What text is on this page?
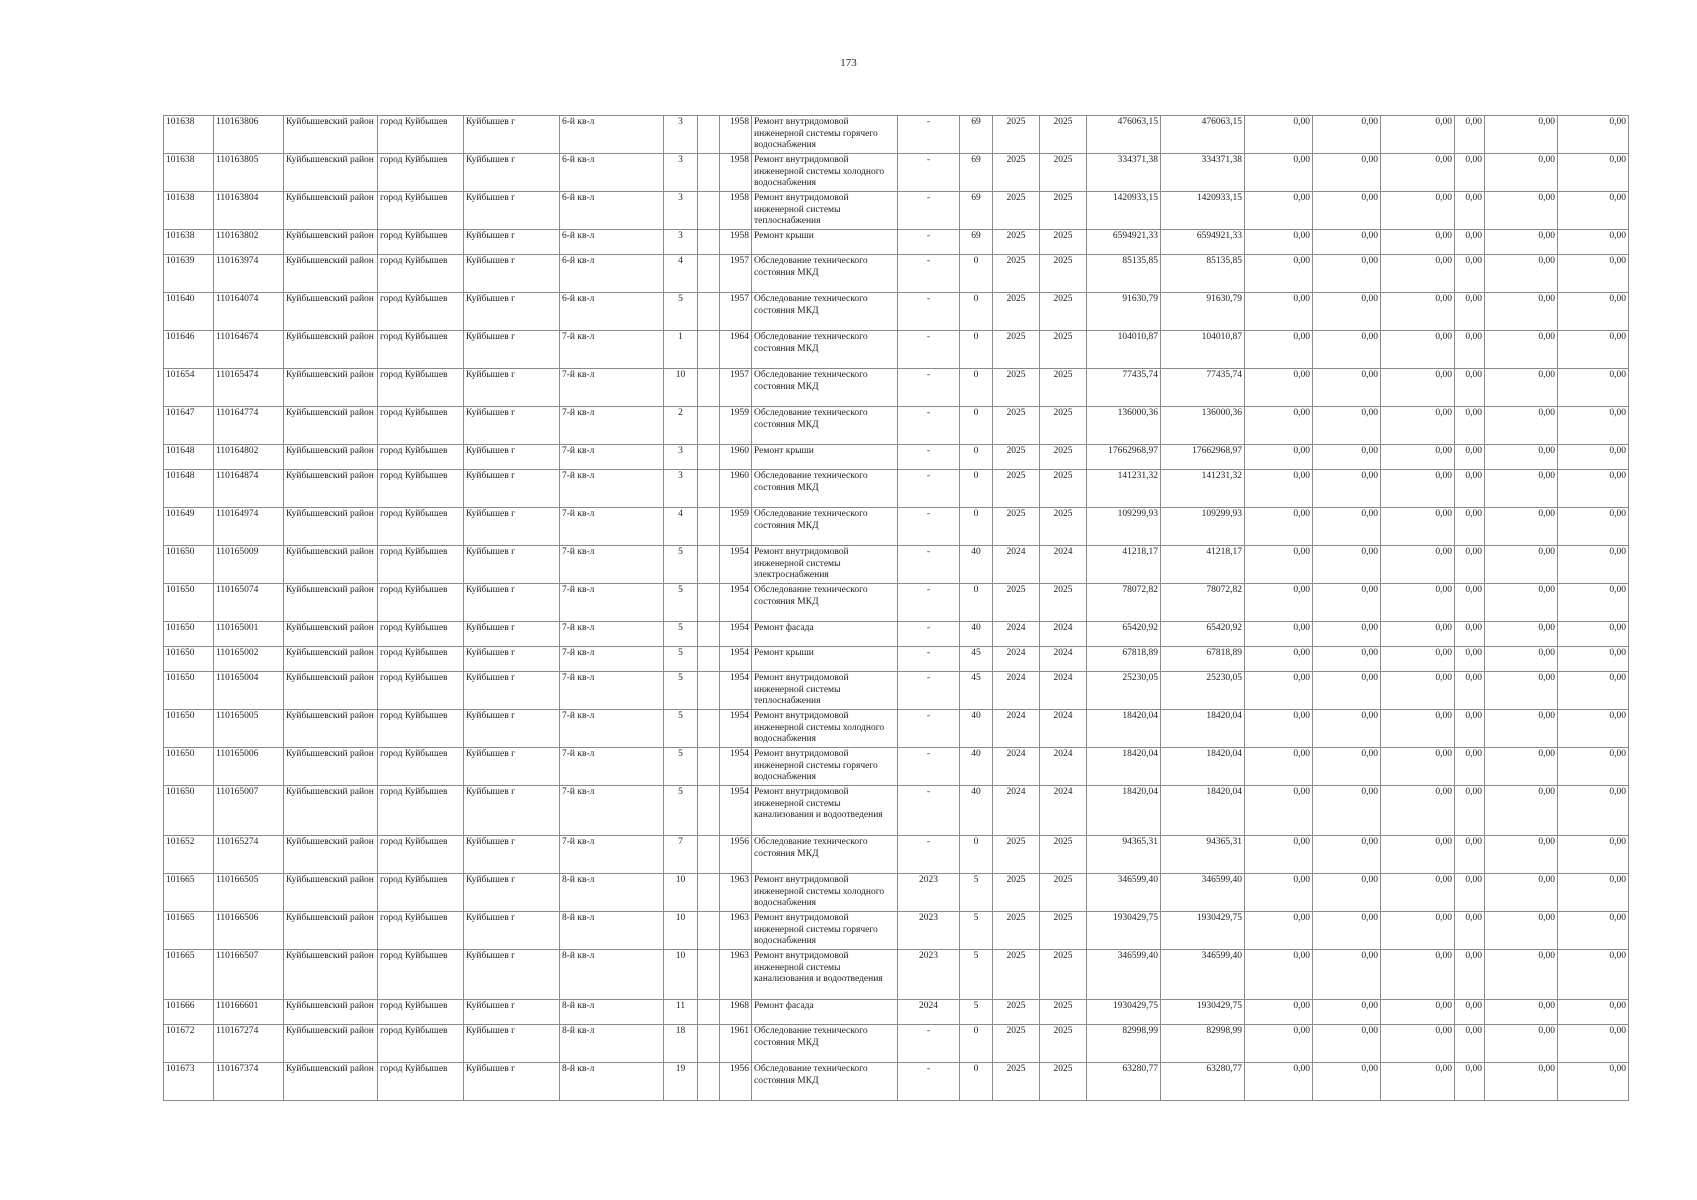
173
101638	110163806	Куйбышевский район	город Куйбышев	Куйбышев г	6-й кв-л	3		1958	Ремонт внутридомовой инженерной системы горячего водоснабжения	-	69	2025	2025	476063,15	476063,15	0,00	0,00	0,00	0,00	0,00	0,00
101638	110163805	Куйбышевский район	город Куйбышев	Куйбышев г	6-й кв-л	3		1958	Ремонт внутридомовой инженерной системы холодного водоснабжения	-	69	2025	2025	334371,38	334371,38	0,00	0,00	0,00	0,00	0,00	0,00
101638	110163804	Куйбышевский район	город Куйбышев	Куйбышев г	6-й кв-л	3		1958	Ремонт внутридомовой инженерной системы теплоснабжения	-	69	2025	2025	1420933,15	1420933,15	0,00	0,00	0,00	0,00	0,00	0,00
101638	110163802	Куйбышевский район	город Куйбышев	Куйбышев г	6-й кв-л	3		1958	Ремонт крыши	-	69	2025	2025	6594921,33	6594921,33	0,00	0,00	0,00	0,00	0,00	0,00
101639	110163974	Куйбышевский район	город Куйбышев	Куйбышев г	6-й кв-л	4		1957	Обследование технического состояния МКД	-	0	2025	2025	85135,85	85135,85	0,00	0,00	0,00	0,00	0,00	0,00
101640	110164074	Куйбышевский район	город Куйбышев	Куйбышев г	6-й кв-л	5		1957	Обследование технического состояния МКД	-	0	2025	2025	91630,79	91630,79	0,00	0,00	0,00	0,00	0,00	0,00
101646	110164674	Куйбышевский район	город Куйбышев	Куйбышев г	7-й кв-л	1		1964	Обследование технического состояния МКД	-	0	2025	2025	104010,87	104010,87	0,00	0,00	0,00	0,00	0,00	0,00
101654	110165474	Куйбышевский район	город Куйбышев	Куйбышев г	7-й кв-л	10		1957	Обследование технического состояния МКД	-	0	2025	2025	77435,74	77435,74	0,00	0,00	0,00	0,00	0,00	0,00
101647	110164774	Куйбышевский район	город Куйбышев	Куйбышев г	7-й кв-л	2		1959	Обследование технического состояния МКД	-	0	2025	2025	136000,36	136000,36	0,00	0,00	0,00	0,00	0,00	0,00
101648	110164802	Куйбышевский район	город Куйбышев	Куйбышев г	7-й кв-л	3		1960	Ремонт крыши	-	0	2025	2025	17662968,97	17662968,97	0,00	0,00	0,00	0,00	0,00	0,00
101648	110164874	Куйбышевский район	город Куйбышев	Куйбышев г	7-й кв-л	3		1960	Обследование технического состояния МКД	-	0	2025	2025	141231,32	141231,32	0,00	0,00	0,00	0,00	0,00	0,00
101649	110164974	Куйбышевский район	город Куйбышев	Куйбышев г	7-й кв-л	4		1959	Обследование технического состояния МКД	-	0	2025	2025	109299,93	109299,93	0,00	0,00	0,00	0,00	0,00	0,00
101650	110165009	Куйбышевский район	город Куйбышев	Куйбышев г	7-й кв-л	5		1954	Ремонт внутридомовой инженерной системы электроснабжения	-	40	2024	2024	41218,17	41218,17	0,00	0,00	0,00	0,00	0,00	0,00
101650	110165074	Куйбышевский район	город Куйбышев	Куйбышев г	7-й кв-л	5		1954	Обследование технического состояния МКД	-	0	2025	2025	78072,82	78072,82	0,00	0,00	0,00	0,00	0,00	0,00
101650	110165001	Куйбышевский район	город Куйбышев	Куйбышев г	7-й кв-л	5		1954	Ремонт фасада	-	40	2024	2024	65420,92	65420,92	0,00	0,00	0,00	0,00	0,00	0,00
101650	110165002	Куйбышевский район	город Куйбышев	Куйбышев г	7-й кв-л	5		1954	Ремонт крыши	-	45	2024	2024	67818,89	67818,89	0,00	0,00	0,00	0,00	0,00	0,00
101650	110165004	Куйбышевский район	город Куйбышев	Куйбышев г	7-й кв-л	5		1954	Ремонт внутридомовой инженерной системы теплоснабжения	-	45	2024	2024	25230,05	25230,05	0,00	0,00	0,00	0,00	0,00	0,00
101650	110165005	Куйбышевский район	город Куйбышев	Куйбышев г	7-й кв-л	5		1954	Ремонт внутридомовой инженерной системы холодного водоснабжения	-	40	2024	2024	18420,04	18420,04	0,00	0,00	0,00	0,00	0,00	0,00
101650	110165006	Куйбышевский район	город Куйбышев	Куйбышев г	7-й кв-л	5		1954	Ремонт внутридомовой инженерной системы горячего водоснабжения	-	40	2024	2024	18420,04	18420,04	0,00	0,00	0,00	0,00	0,00	0,00
101650	110165007	Куйбышевский район	город Куйбышев	Куйбышев г	7-й кв-л	5		1954	Ремонт внутридомовой инженерной системы канализования и водоотведения	-	40	2024	2024	18420,04	18420,04	0,00	0,00	0,00	0,00	0,00	0,00
101652	110165274	Куйбышевский район	город Куйбышев	Куйбышев г	7-й кв-л	7		1956	Обследование технического состояния МКД	-	0	2025	2025	94365,31	94365,31	0,00	0,00	0,00	0,00	0,00	0,00
101665	110166505	Куйбышевский район	город Куйбышев	Куйбышев г	8-й кв-л	10		1963	Ремонт внутридомовой инженерной системы холодного водоснабжения	2023	5	2025	2025	346599,40	346599,40	0,00	0,00	0,00	0,00	0,00	0,00
101665	110166506	Куйбышевский район	город Куйбышев	Куйбышев г	8-й кв-л	10		1963	Ремонт внутридомовой инженерной системы горячего водоснабжения	2023	5	2025	2025	1930429,75	1930429,75	0,00	0,00	0,00	0,00	0,00	0,00
101665	110166507	Куйбышевский район	город Куйбышев	Куйбышев г	8-й кв-л	10		1963	Ремонт внутридомовой инженерной системы канализования и водоотведения	2023	5	2025	2025	346599,40	346599,40	0,00	0,00	0,00	0,00	0,00	0,00
101666	110166601	Куйбышевский район	город Куйбышев	Куйбышев г	8-й кв-л	11		1968	Ремонт фасада	2024	5	2025	2025	1930429,75	1930429,75	0,00	0,00	0,00	0,00	0,00	0,00
101672	110167274	Куйбышевский район	город Куйбышев	Куйбышев г	8-й кв-л	18		1961	Обследование технического состояния МКД	-	0	2025	2025	82998,99	82998,99	0,00	0,00	0,00	0,00	0,00	0,00
101673	110167374	Куйбышевский район	город Куйбышев	Куйбышев г	8-й кв-л	19		1956	Обследование технического состояния МКД	-	0	2025	2025	63280,77	63280,77	0,00	0,00	0,00	0,00	0,00	0,00
